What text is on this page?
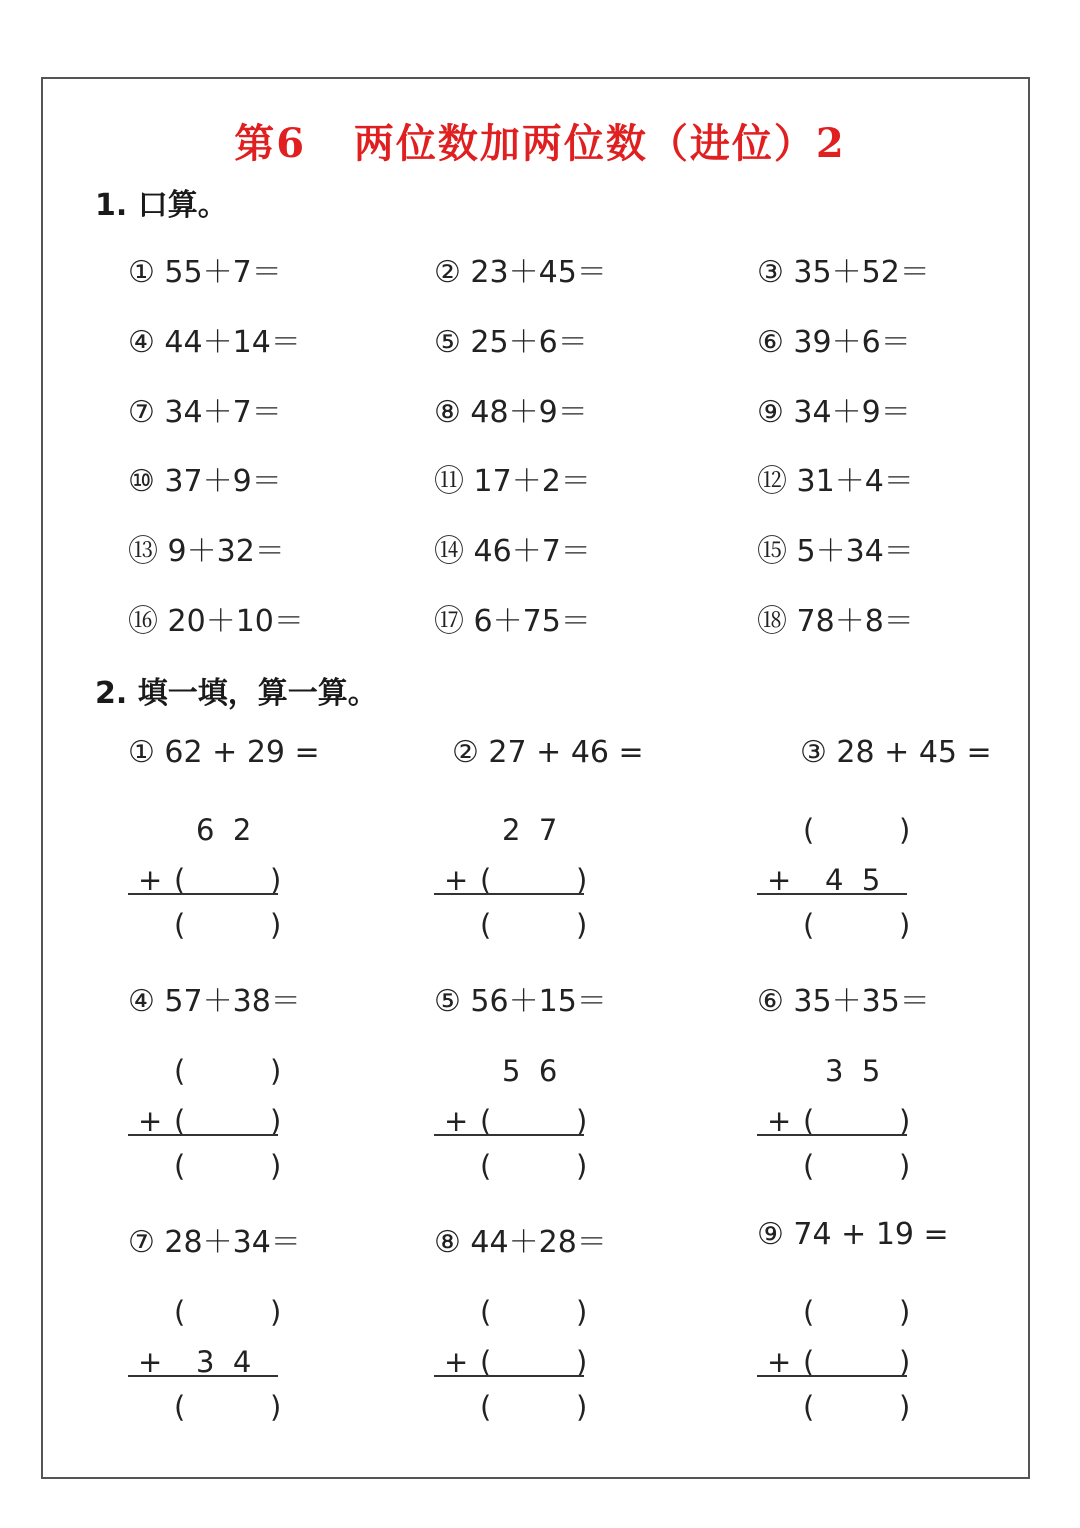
第6   两位数加两位数（进位）2
1. 口算。
① 55＋7＝	② 23＋45＝	③ 35＋52＝
④ 44＋14＝	⑤ 25＋6＝	⑥ 39＋6＝
⑦ 34＋7＝	⑧ 48＋9＝	⑨ 34＋9＝
⑩ 37＋9＝	⑪ 17＋2＝	⑫ 31＋4＝
⑬ 9＋32＝	⑭ 46＋7＝	⑮ 5＋34＝
⑯ 20＋10＝	⑰ 6＋75＝	⑱ 78＋8＝
2. 填一填，算一算。
① 62 + 29 =
6  2
+ (	)
(	)
② 27 + 46 =
2  7
+ (	)
(	)
③ 28 + 45 =
(	)
+ 4  5
(	)
④ 57＋38＝
(	)
+ (	)
(	)
⑤ 56＋15＝
5  6
+ (	)
(	)
⑥ 35＋35＝
3  5
+ (	)
(	)
⑦ 28＋34＝
(	)
+ 3  4
(	)
⑧ 44＋28＝
(	)
+ (	)
(	)
⑨ 74 + 19 =
(	)
+ (	)
(	)
